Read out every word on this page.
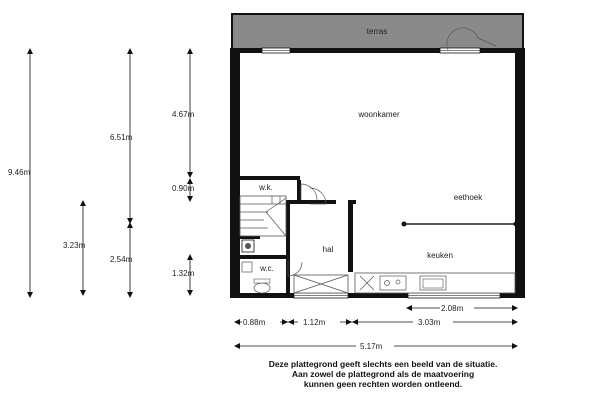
terras
woonkamer
eethoek
w.k.
hal
keuken
w.c.
9.46m
6.51m
2.54m
3.23m
4.67m
0.90m
1.32m
2.08m
0.88m	1.12m	3.03m
5.17m
Deze plattegrond geeft slechts een beeld van de situatie.
Aan zowel de plattegrond als de maatvoering
kunnen geen rechten worden ontleend.
